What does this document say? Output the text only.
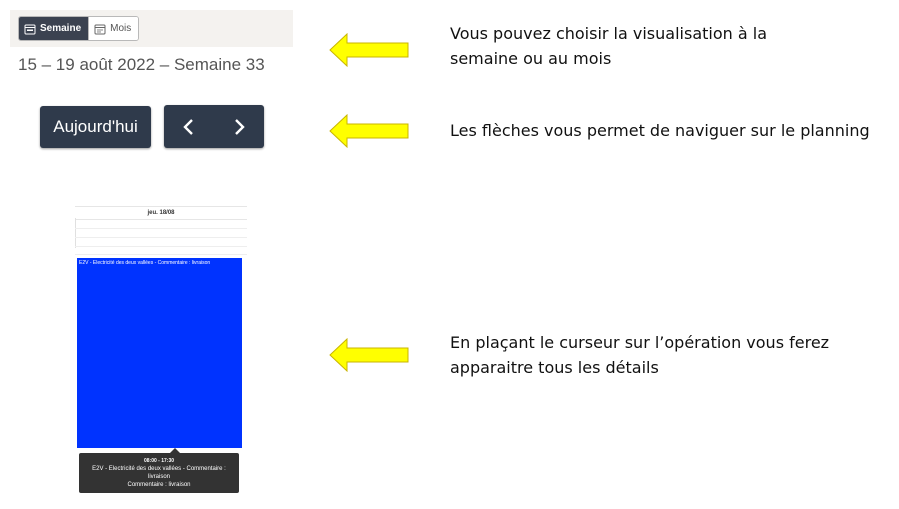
Semaine	Mois
15 – 19 août 2022 – Semaine 33
Aujourd'hui
jeu. 18/08
E2V - Electricité des deux vallées - Commentaire : livraison
08:00 - 17:30
E2V - Electricité des deux vallées - Commentaire :
livraison
Commentaire : livraison
Vous pouvez choisir la visualisation à la
semaine ou au mois
Les flèches vous permet de naviguer sur le planning
En plaçant le curseur sur l’opération vous ferez
apparaitre tous les détails
